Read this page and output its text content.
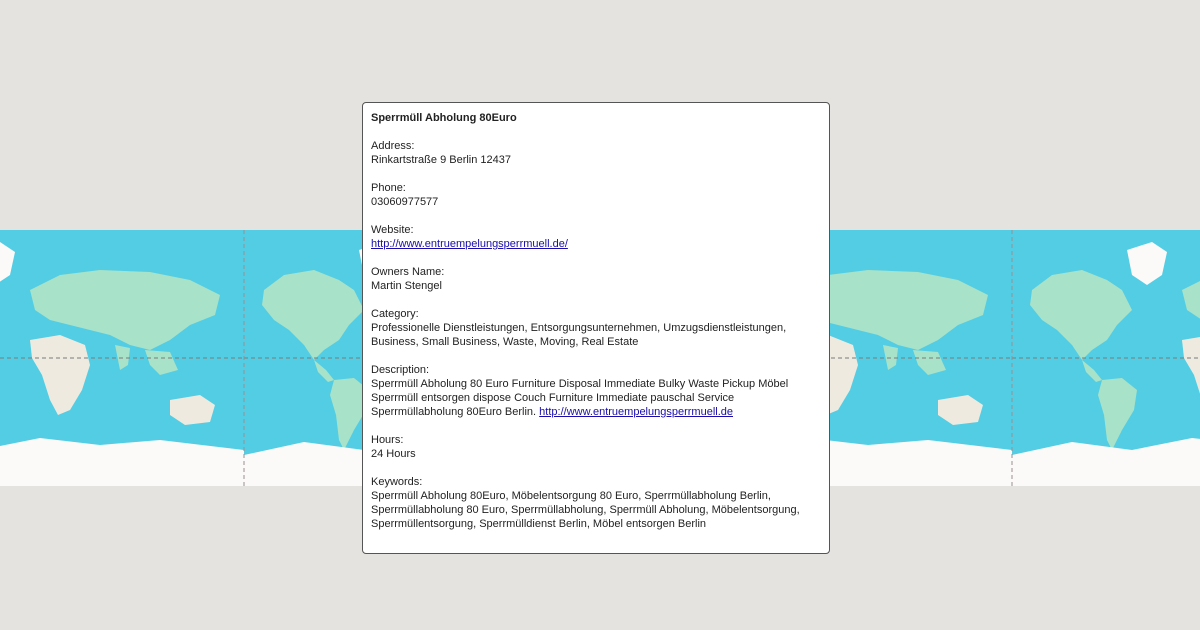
Sperrmüll Abholung 80Euro
Address:
Rinkartstraße 9 Berlin 12437
Phone:
03060977577
Website:
http://www.entruempelungsperrmuell.de/
Owners Name:
Martin Stengel
Category:
Professionelle Dienstleistungen, Entsorgungsunternehmen, Umzugsdienstleistungen, Business, Small Business, Waste, Moving, Real Estate
Description:
Sperrmüll Abholung 80 Euro Furniture Disposal Immediate Bulky Waste Pickup Möbel Sperrmüll entsorgen dispose Couch Furniture Immediate pauschal Service Sperrmüllabholung 80Euro Berlin. http://www.entruempelungsperrmuell.de
Hours:
24 Hours
Keywords:
Sperrmüll Abholung 80Euro, Möbelentsorgung 80 Euro, Sperrmüllabholung Berlin, Sperrmüllabholung 80 Euro, Sperrmüllabholung, Sperrmüll Abholung, Möbelentsorgung, Sperrmüllentsorgung, Sperrmülldienst Berlin, Möbel entsorgen Berlin
